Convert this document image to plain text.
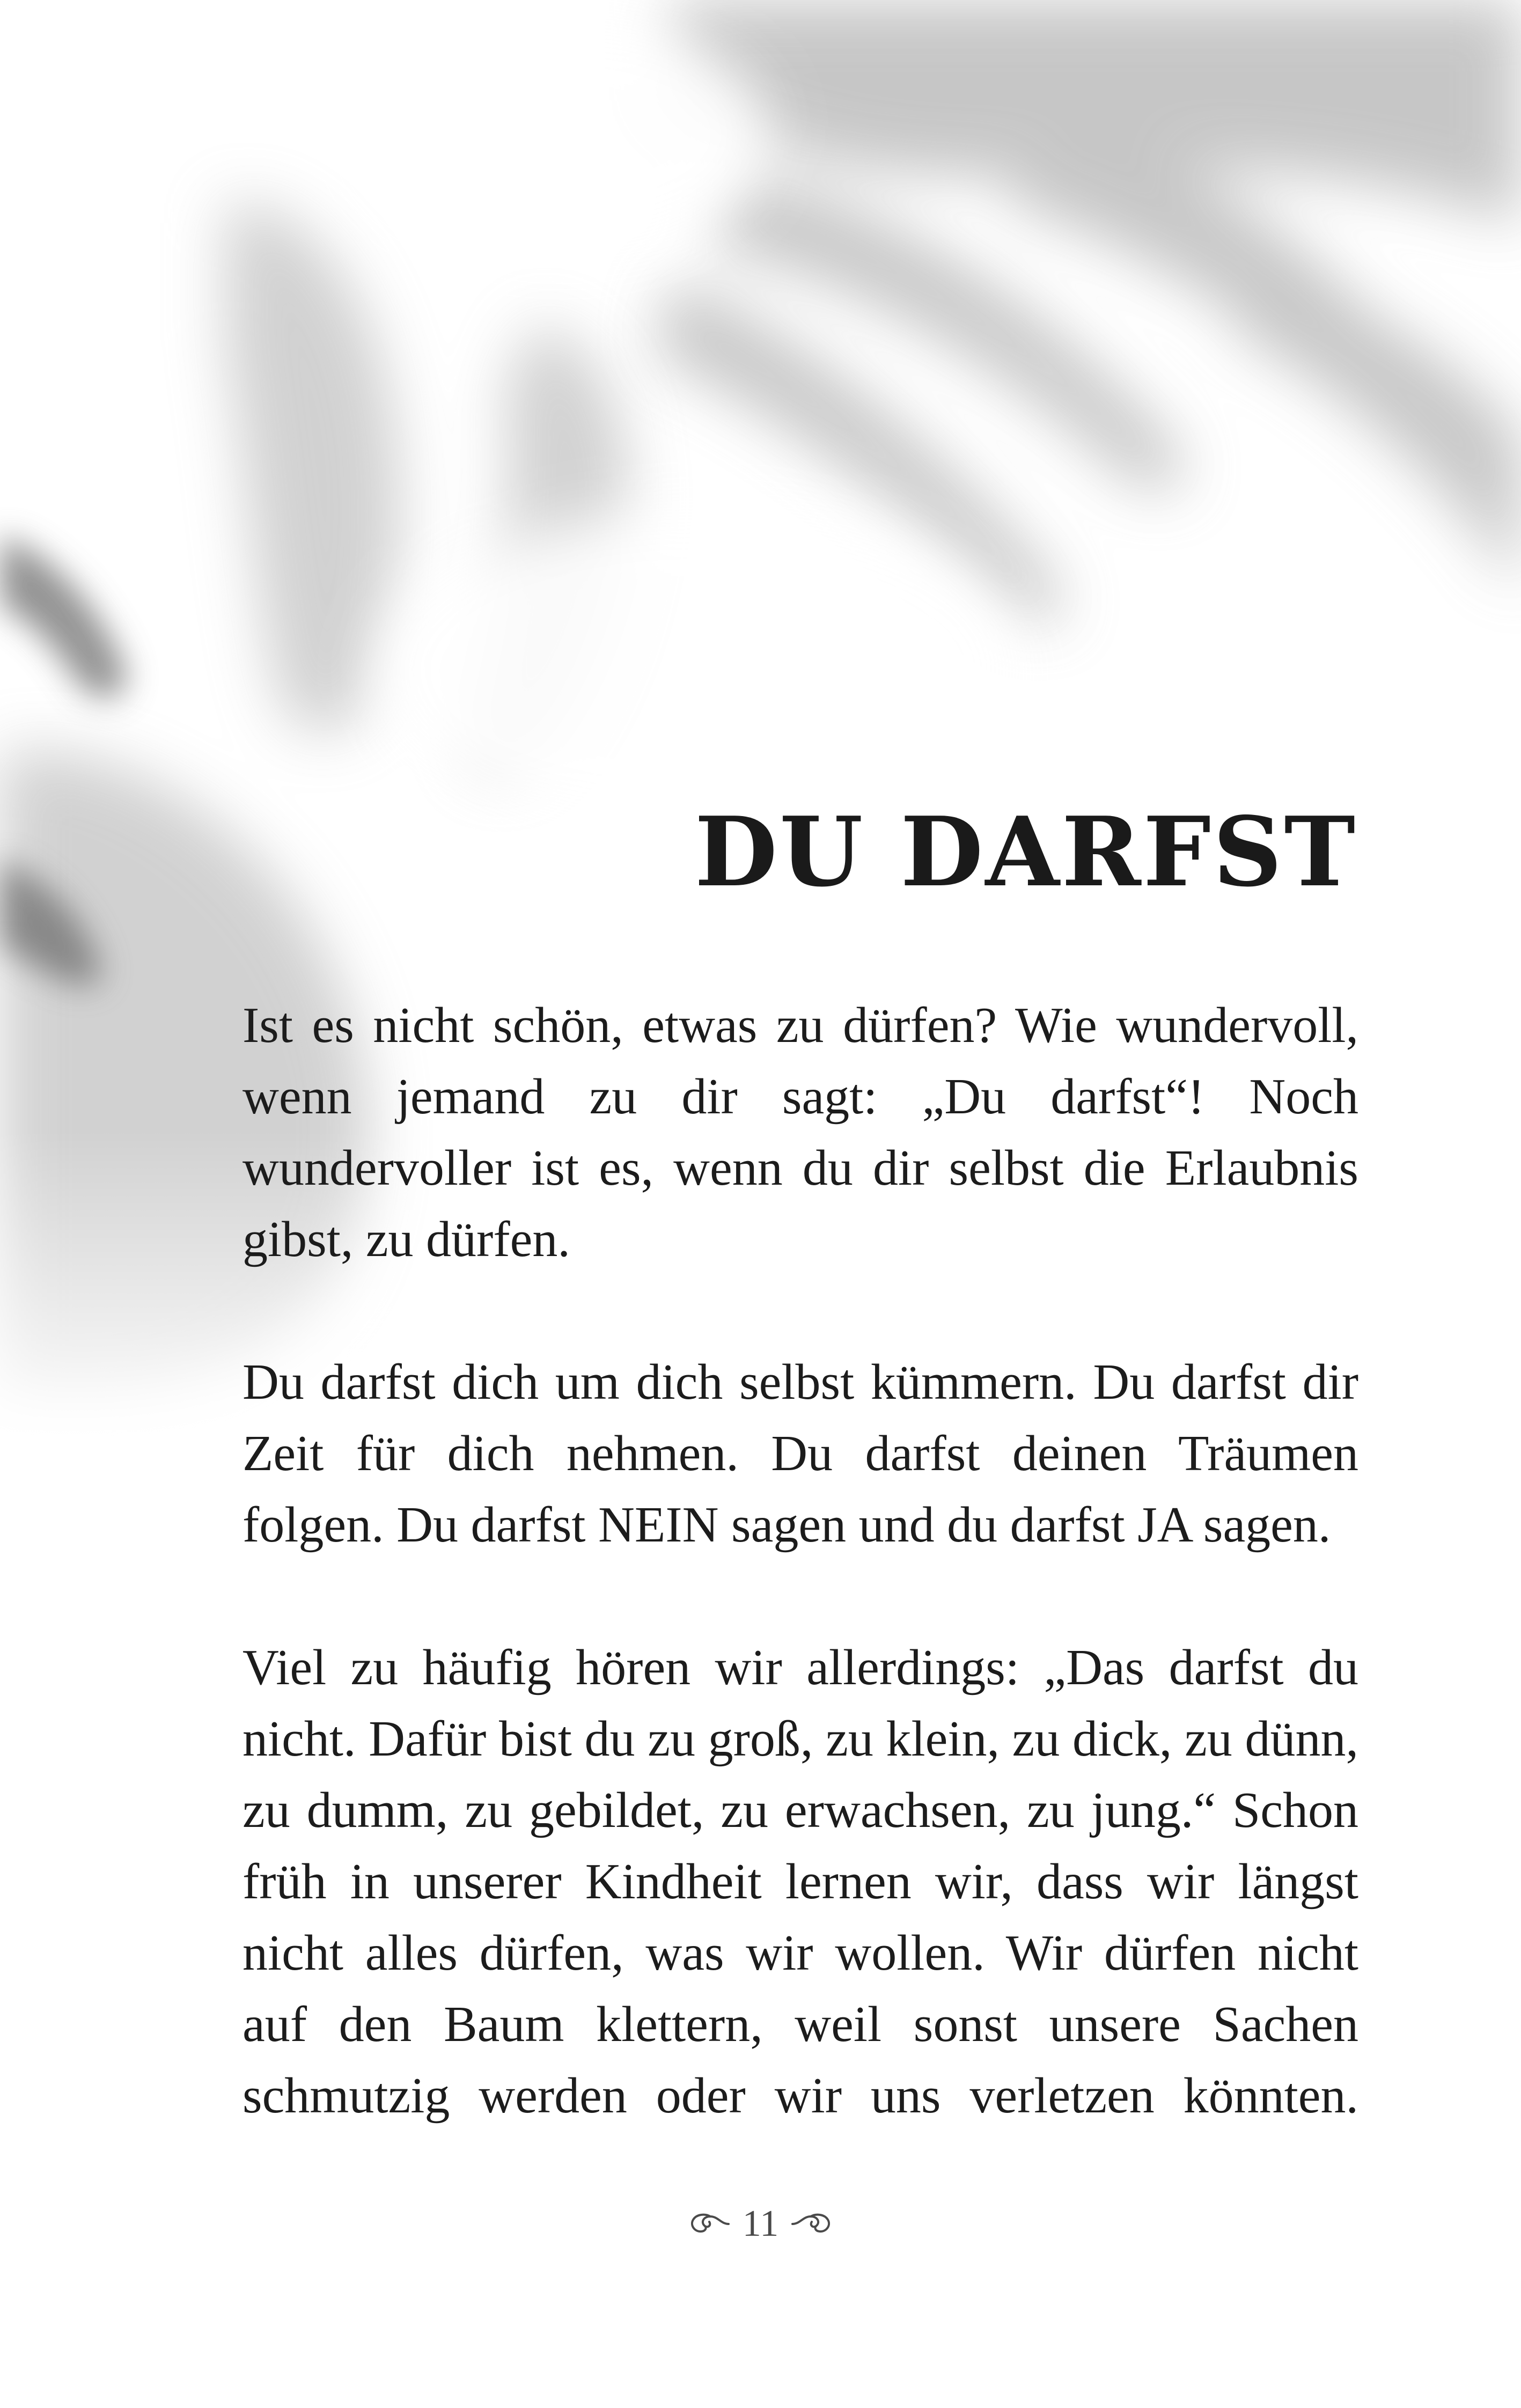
DU DARFST

Ist es nicht schön, etwas zu dürfen? Wie wundervoll, wenn jemand zu dir sagt: „Du darfst“! Noch wundervoller ist es, wenn du dir selbst die Erlaubnis gibst, zu dürfen.

Du darfst dich um dich selbst kümmern. Du darfst dir Zeit für dich nehmen. Du darfst deinen Träumen folgen. Du darfst NEIN sagen und du darfst JA sagen.

Viel zu häufig hören wir allerdings: „Das darfst du nicht. Dafür bist du zu groß, zu klein, zu dick, zu dünn, zu dumm, zu gebildet, zu erwachsen, zu jung.“ Schon früh in unserer Kindheit lernen wir, dass wir längst nicht alles dürfen, was wir wollen. Wir dürfen nicht auf den Baum klettern, weil sonst unsere Sachen schmutzig werden oder wir uns verletzen könnten.

11
